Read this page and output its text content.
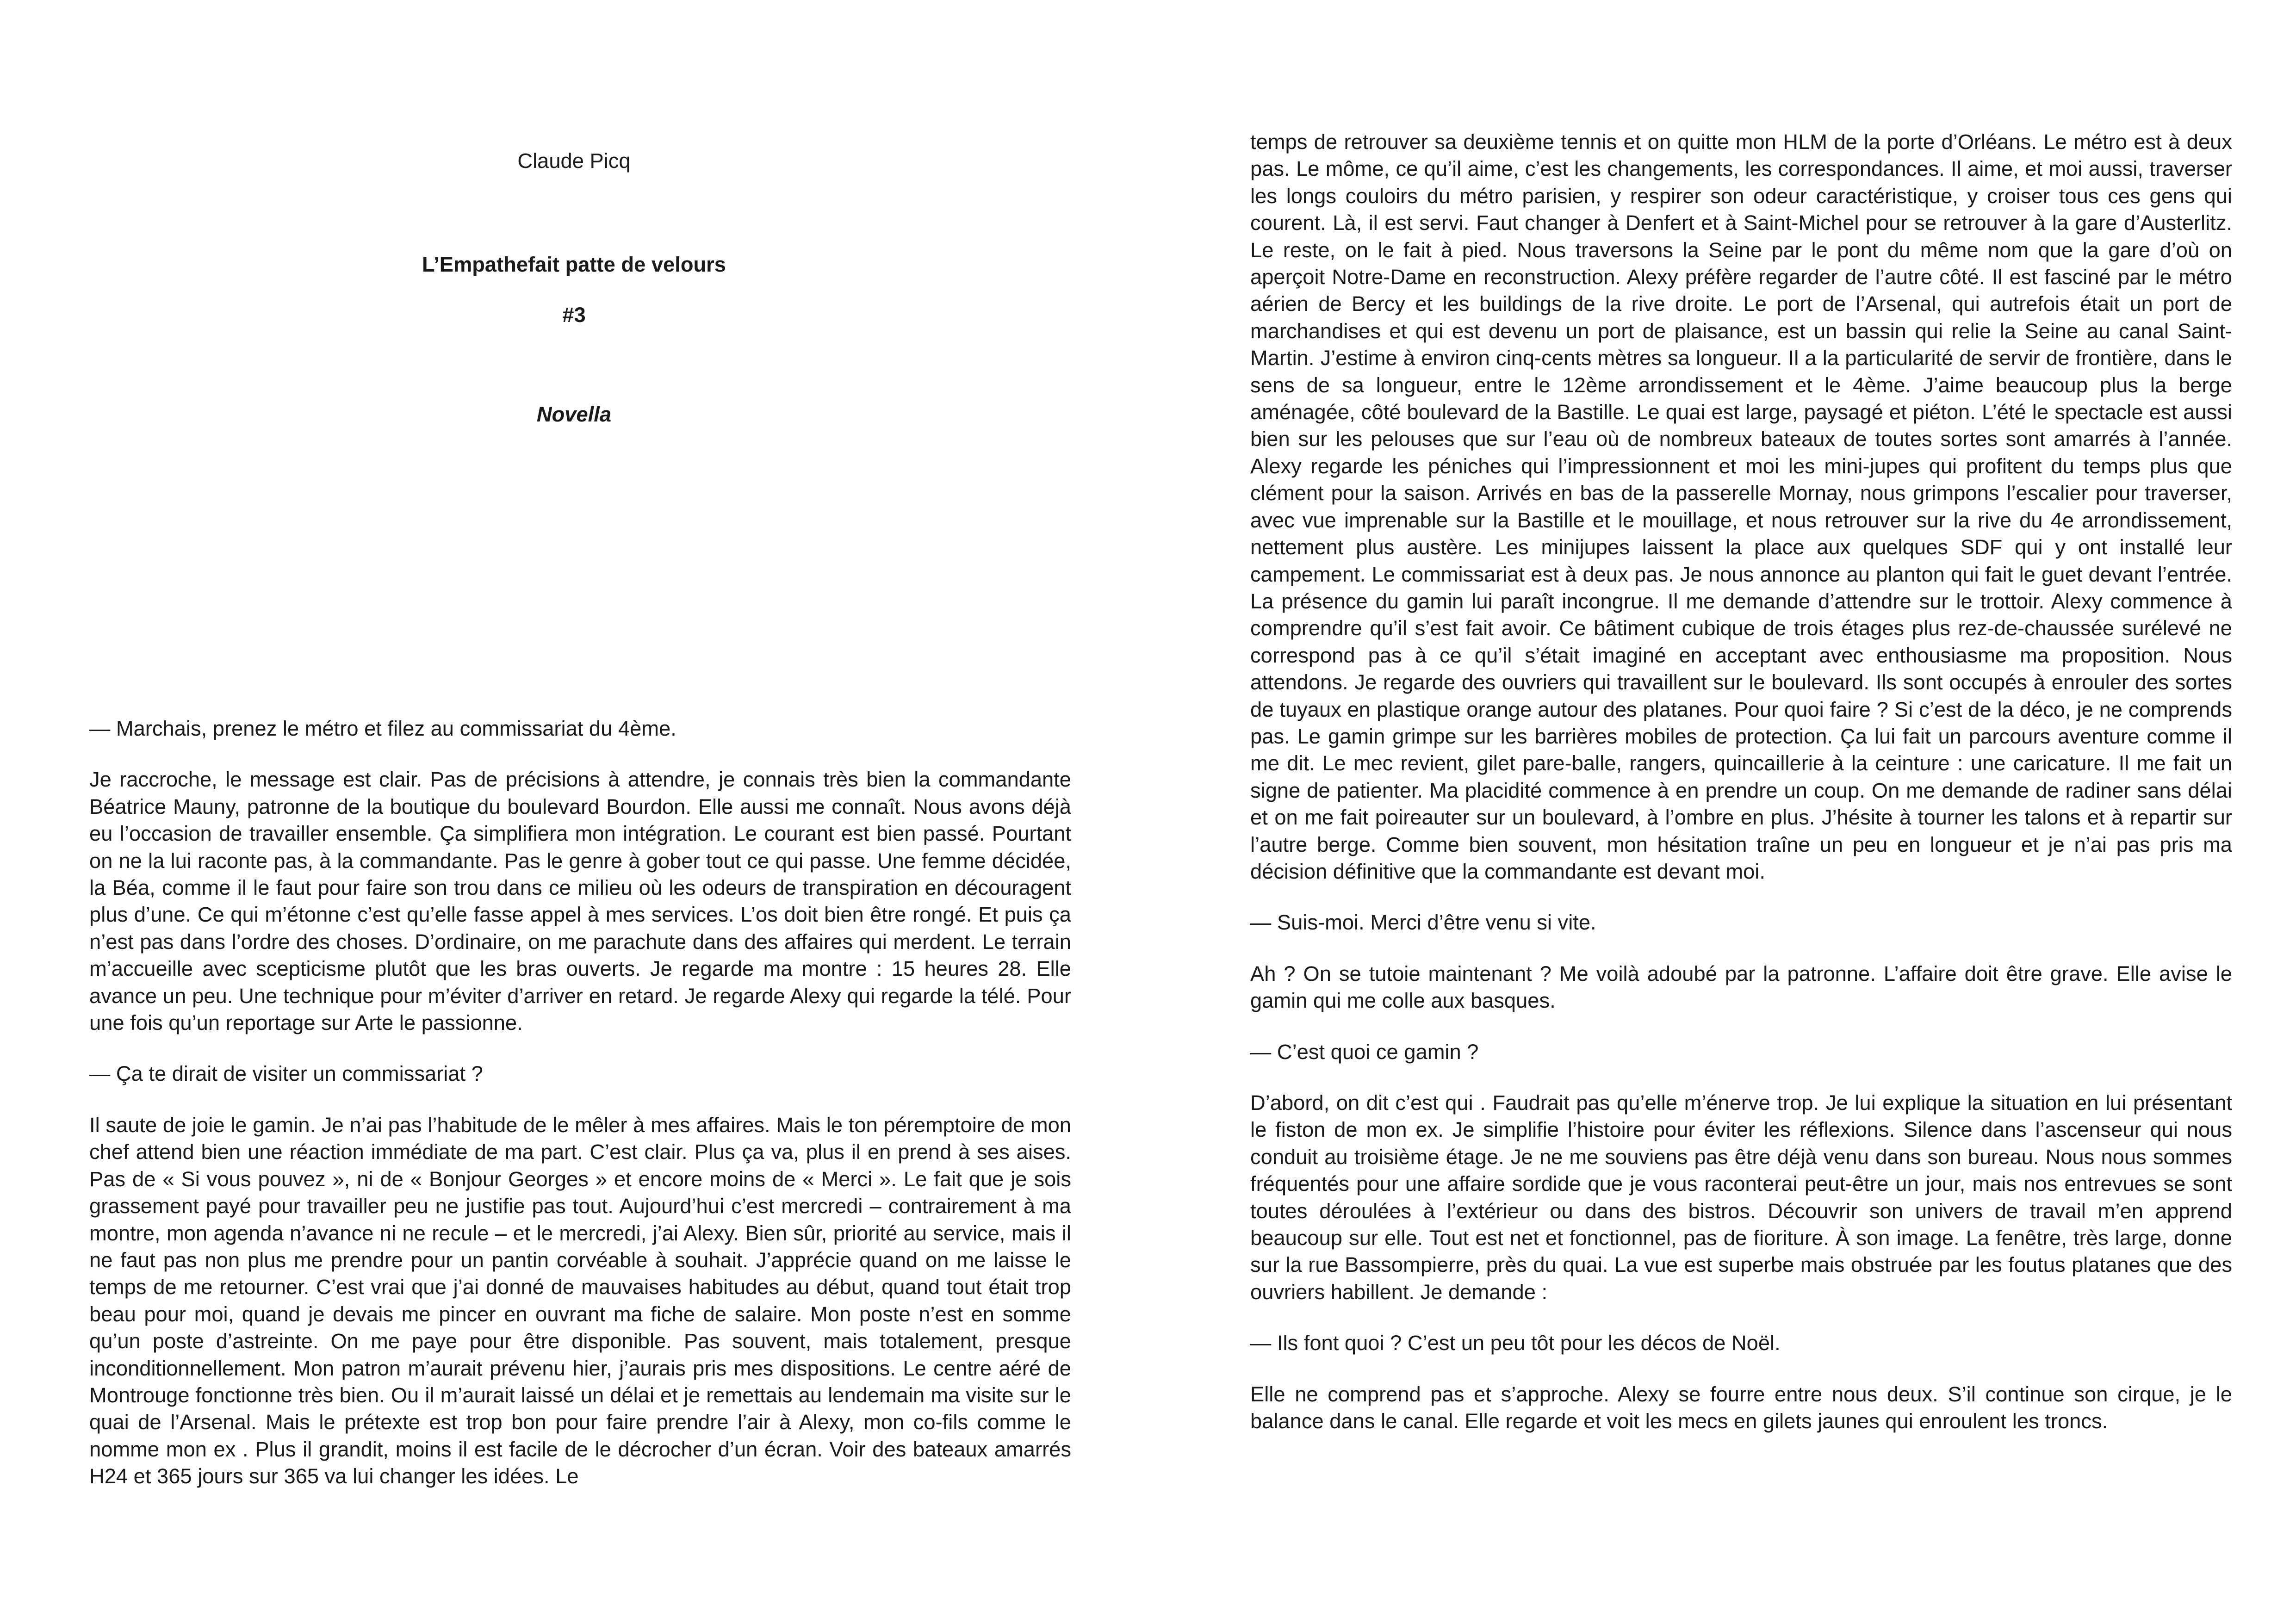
Claude Picq
L’Empathefait patte de velours
#3
Novella

— Marchais, prenez le métro et filez au commissariat du 4ème.

Je raccroche, le message est clair. Pas de précisions à attendre, je connais très bien la commandante Béatrice Mauny, patronne de la boutique du boulevard Bourdon. Elle aussi me connaît. Nous avons déjà eu l’occasion de travailler ensemble. Ça simplifiera mon intégration. Le courant est bien passé. Pourtant on ne la lui raconte pas, à la commandante. Pas le genre à gober tout ce qui passe. Une femme décidée, la Béa, comme il le faut pour faire son trou dans ce milieu où les odeurs de transpiration en découragent plus d’une. Ce qui m’étonne c’est qu’elle fasse appel à mes services. L’os doit bien être rongé. Et puis ça n’est pas dans l’ordre des choses. D’ordinaire, on me parachute dans des affaires qui merdent. Le terrain m’accueille avec scepticisme plutôt que les bras ouverts. Je regarde ma montre : 15 heures 28. Elle avance un peu. Une technique pour m’éviter d’arriver en retard. Je regarde Alexy qui regarde la télé. Pour une fois qu’un reportage sur Arte le passionne.

— Ça te dirait de visiter un commissariat ?

Il saute de joie le gamin. Je n’ai pas l’habitude de le mêler à mes affaires. Mais le ton péremptoire de mon chef attend bien une réaction immédiate de ma part. C’est clair. Plus ça va, plus il en prend à ses aises. Pas de « Si vous pouvez », ni de « Bonjour Georges » et encore moins de « Merci ». Le fait que je sois grassement payé pour travailler peu ne justifie pas tout. Aujourd’hui c’est mercredi – contrairement à ma montre, mon agenda n’avance ni ne recule – et le mercredi, j’ai Alexy. Bien sûr, priorité au service, mais il ne faut pas non plus me prendre pour un pantin corvéable à souhait. J’apprécie quand on me laisse le temps de me retourner. C’est vrai que j’ai donné de mauvaises habitudes au début, quand tout était trop beau pour moi, quand je devais me pincer en ouvrant ma fiche de salaire. Mon poste n’est en somme qu’un poste d’astreinte. On me paye pour être disponible. Pas souvent, mais totalement, presque inconditionnellement. Mon patron m’aurait prévenu hier, j’aurais pris mes dispositions. Le centre aéré de Montrouge fonctionne très bien. Ou il m’aurait laissé un délai et je remettais au lendemain ma visite sur le quai de l’Arsenal. Mais le prétexte est trop bon pour faire prendre l’air à Alexy, mon co-fils comme le nomme mon ex . Plus il grandit, moins il est facile de le décrocher d’un écran. Voir des bateaux amarrés H24 et 365 jours sur 365 va lui changer les idées. Le

temps de retrouver sa deuxième tennis et on quitte mon HLM de la porte d’Orléans. Le métro est à deux pas. Le môme, ce qu’il aime, c’est les changements, les correspondances. Il aime, et moi aussi, traverser les longs couloirs du métro parisien, y respirer son odeur caractéristique, y croiser tous ces gens qui courent. Là, il est servi. Faut changer à Denfert et à Saint-Michel pour se retrouver à la gare d’Austerlitz. Le reste, on le fait à pied. Nous traversons la Seine par le pont du même nom que la gare d’où on aperçoit Notre-Dame en reconstruction. Alexy préfère regarder de l’autre côté. Il est fasciné par le métro aérien de Bercy et les buildings de la rive droite. Le port de l’Arsenal, qui autrefois était un port de marchandises et qui est devenu un port de plaisance, est un bassin qui relie la Seine au canal Saint-Martin. J’estime à environ cinq-cents mètres sa longueur. Il a la particularité de servir de frontière, dans le sens de sa longueur, entre le 12ème arrondissement et le 4ème. J’aime beaucoup plus la berge aménagée, côté boulevard de la Bastille. Le quai est large, paysagé et piéton. L’été le spectacle est aussi bien sur les pelouses que sur l’eau où de nombreux bateaux de toutes sortes sont amarrés à l’année. Alexy regarde les péniches qui l’impressionnent et moi les mini-jupes qui profitent du temps plus que clément pour la saison. Arrivés en bas de la passerelle Mornay, nous grimpons l’escalier pour traverser, avec vue imprenable sur la Bastille et le mouillage, et nous retrouver sur la rive du 4e arrondissement, nettement plus austère. Les minijupes laissent la place aux quelques SDF qui y ont installé leur campement. Le commissariat est à deux pas. Je nous annonce au planton qui fait le guet devant l’entrée. La présence du gamin lui paraît incongrue. Il me demande d’attendre sur le trottoir. Alexy commence à comprendre qu’il s’est fait avoir. Ce bâtiment cubique de trois étages plus rez-de-chaussée surélevé ne correspond pas à ce qu’il s’était imaginé en acceptant avec enthousiasme ma proposition. Nous attendons. Je regarde des ouvriers qui travaillent sur le boulevard. Ils sont occupés à enrouler des sortes de tuyaux en plastique orange autour des platanes. Pour quoi faire ? Si c’est de la déco, je ne comprends pas. Le gamin grimpe sur les barrières mobiles de protection. Ça lui fait un parcours aventure comme il me dit. Le mec revient, gilet pare-balle, rangers, quincaillerie à la ceinture : une caricature. Il me fait un signe de patienter. Ma placidité commence à en prendre un coup. On me demande de radiner sans délai et on me fait poireauter sur un boulevard, à l’ombre en plus. J’hésite à tourner les talons et à repartir sur l’autre berge. Comme bien souvent, mon hésitation traîne un peu en longueur et je n’ai pas pris ma décision définitive que la commandante est devant moi.

— Suis-moi. Merci d’être venu si vite.

Ah ? On se tutoie maintenant ? Me voilà adoubé par la patronne. L’affaire doit être grave. Elle avise le gamin qui me colle aux basques.

— C’est quoi ce gamin ?

D’abord, on dit c’est qui . Faudrait pas qu’elle m’énerve trop. Je lui explique la situation en lui présentant le fiston de mon ex. Je simplifie l’histoire pour éviter les réflexions. Silence dans l’ascenseur qui nous conduit au troisième étage. Je ne me souviens pas être déjà venu dans son bureau. Nous nous sommes fréquentés pour une affaire sordide que je vous raconterai peut-être un jour, mais nos entrevues se sont toutes déroulées à l’extérieur ou dans des bistros. Découvrir son univers de travail m’en apprend beaucoup sur elle. Tout est net et fonctionnel, pas de fioriture. À son image. La fenêtre, très large, donne sur la rue Bassompierre, près du quai. La vue est superbe mais obstruée par les foutus platanes que des ouvriers habillent. Je demande :

— Ils font quoi ? C’est un peu tôt pour les décos de Noël.

Elle ne comprend pas et s’approche. Alexy se fourre entre nous deux. S’il continue son cirque, je le balance dans le canal. Elle regarde et voit les mecs en gilets jaunes qui enroulent les troncs.
